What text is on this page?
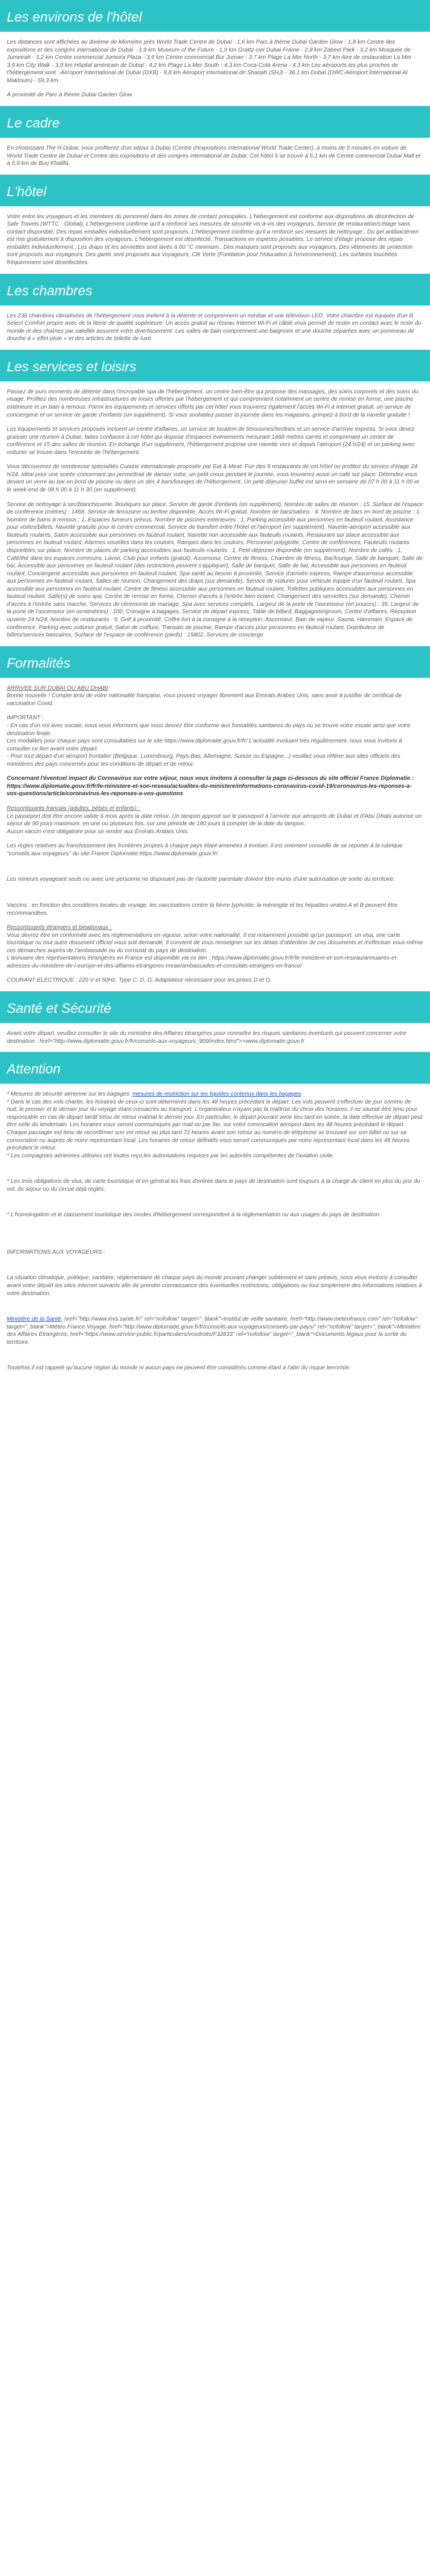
Les environs de l'hôtel

Les distances sont affichées au dixième de kilomètre près World Trade Centre de Dubaï - 1,6 km Parc à thème Dubai Garden Glow - 1,8 km Centre des expositions et des congrès international de Dubaï - 1,9 km Museum of the Future - 1,9 km Grattz-ciel Dubai Frame - 2,8 km Zabeel Park - 3,2 km Mosquée de Jumeirah - 3,2 km Centre commercial Jumeira Plaza - 3,6 km Centre commercial Bur Juman - 3,7 km Plage La Mer North - 3,7 km Aire de restauration La Mer - 3,9 km City Walk - 3,9 km Hôpital américain de Dubaï - 4,2 km Plage La Mer South - 4,3 km Coca-Cola Arena - 4,3 km Les aéroports les plus proches de l'hébergement sont : Aéroport International de Dubaï (DXB) - 9,8 km Aéroport international de Sharjah (SHJ) - 36,1 km Dubaï (DWC-Aéroport International Al Maktoum) - 59,3 km

À proximité de Parc à thème Dubai Garden Glow

Le cadre

En choisissant The H Dubai, vous profiterez d'un séjour à Dubaï (Centre d'expositions international World Trade Center), à moins de 5 minutes en voiture de World Trade Centre de Dubaï et Centre des expositions et des congrès international de Dubaï. Cet hôtel 5 se trouve à 5,1 km de Centre commercial Dubai Mall et à 5,9 km de Burj Khalifa.

L'hôtel

Votre entre les voyageurs et les membres du personnel dans les zones de contact principales, L'hébergement est conforme aux dispositions de désinfection de Safe Travels (WTTC - Global), L'hébergement confirme qu'il a renforcé ses mesures de sécurité vis-à-vis des voyageurs, Service de restauration/s'étage sans contact disponible, Des repas emballés individuellement sont proposés, L'hébergement confirme qu'il a renforcé ses mesures de nettoyage., Du gel antibactérien est mis gratuitement à disposition des voyageurs, L'hébergement est désinfecté, Transactions en espèces possibles, Le service d'étage propose des repas emballés individuellement., Les draps et les serviettes sont lavés à 60 °C minimum., Des masques sont proposés aux voyageurs, Des vêtements de protection sont proposés aux voyageurs, Des gants sont proposés aux voyageurs, Clé Verte (Fondation pour l'éducation à l'environnement), Les surfaces touchées fréquemment sont désinfectées.

Les chambres

Les 236 chambres climatisées de l'hébergement vous invitent à la détente et comprennent un minibar et une télévision LED. Votre chambre est équipée d'un lit Select Comfort propre avec de la literie de qualité supérieure. Un accès gratuit au réseau Internet Wi-Fi et câblé vous permet de rester en contact avec le reste du monde et des chaînes par satellite assurent votre divertissement. Les salles de bain comprennent une baignoire et une douche séparées avec un pommeau de douche à « effet pluie » et des articles de toilette de luxe.

Les services et loisirs

Passez de purs moments de détente dans l'incroyable spa de l'hébergement, un centre bien-être qui propose des massages, des soins corporels et des soins du visage. Profitez des nombreuses infrastructures de loisirs offertes par l'hébergement et qui comprennent notamment un centre de remise en forme, une piscine extérieure et un bain à remous. Parmi les équipements et services offerts par cet hôtel vous trouverez également l'accès Wi-Fi à Internet gratuit, un service de conciergerie et un service de garde d'enfants (un supplément). Si vous souhaitez passer la journée dans les magasins, grimpez à bord de la navette gratuite !

Les équipements et services proposés incluent un centre d'affaires, un service de location de limousines/berlines et un service d'arrivée express. Si vous devez graisser une réunion à Dubaï, faites confiance à cet hôtel qui dispose d'espaces événements mesurant 1468 mètres carrés et comprenant un centre de conférence et 15 des salles de réunion. En échange d'un supplément, l'hébergement propose une navette vers et depuis l'aéroport (24 h/24) et un parking avec voiturier se trouve dans l'enceinte de l'hébergement.

Vous découvrirez de nombreuse spécialités Cuisine internationale proposée par Eat & Meat. Fun des 9 restaurants de cet hôtel ou profitez du service d'étage 24 h/24. Idéal pour une soirée concernant qui permettrait de danser votre, un petit creux pendant le journée, vous trouverez aussi un café sur place. Détendez-vous devant un verre au bar en bord de piscine ou dans un des 4 bars/lounges de l'hébergement. Un petit déjeuner buffet est servi en semaine de 07 h 00 à 11 h 00 et le week-end de 08 h 00 à 11 h 30 (en supplément).

Service de nettoyage à sec/blanchisserie, Boutiques sur place, Service de garde d'enfants (en supplément), Nombre de salles de réunion : 15, Surface de l'espace de conférence (mètres) : 1468, Service de limousine ou berline disponible, Accès Wi-Fi gratuit, Nombre de bars/salons : 4, Nombre de bars en bord de piscine : 1, Nombre de bains à remous : 1, Espaces fumeurs prévus, Nombre de piscines extérieures : 1, Parking accessible aux personnes en fauteuil roulant, Assistance pour visites/billets, Navette gratuite pour le centre commercial, Service de transfert entre l'hôtel et l'aéroport (en supplément), Navette-aéroport accessible aux fauteuils roulants, Salon accessible aux personnes en fauteuil roulant, Navette non accessible aux fauteuils roulants, Restaurant sur place accessible aux personnes en fauteuil roulant, Alarmes visuelles dans les couloirs, Rampes dans les couloirs, Personnel polyglotte, Centre de conférences, Fauteuils roulants disponibles sur place, Nombre de places de parking accessibles aux fauteuils roulants : 1, Petit-déjeuner disponible (en supplément), Nombre de cafés : 1, Café/thé dans les espaces communs, Lavoir, Club pour enfants (gratuit), Ascenseur, Centre de fitness, Chambre de fitness, Bar/lounge, Salle de banquet, Salle de bal, Accessible aux personnes en fauteuil roulant (des restrictions peuvent s'appliquer), Salle de banquet, Salle de bal, Accessible aux personnes en fauteuil roulant, Conciergerie accessible aux personnes en fauteuil roulant, Spa santé au besoin à proximité, Service d'arrivée express, Rampe d'ascenseur accessible aux personnes en fauteuil roulant, Salles de réunion, Changement des draps (sur demande), Service de voiturier pour véhicule équipé d'un fauteuil roulant, Spa accessible aux personnes en fauteuil roulant, Centre de fitness accessible aux personnes en fauteuil roulant, Toilettes publiques accessibles aux personnes en fauteuil roulant, Salle(s) de soins spa, Centre de remise en forme, Chemin d'accès à l'entrée bien éclairé, Changement des serviettes (sur demande), Chemin d'accès à l'entrée sans marche, Services de cérémonie de mariage, Spa avec services complets, Largeur de la porte de l'ascenseur (en pouces) : 39, Largeur de la porte de l'ascenseur (en centimètres) : 100, Consigne à bagages, Service de départ express, Table de billard, Baggagiste/groom, Centre d'affaires, Réception ouverte 24 h/24, Nombre de restaurants : 9, Golf à proximité, Coffre-fort à la consigne à la réception, Ascenseur, Bain de vapeur, Sauna, Hammam, Espace de conférence, Parking avec voiturier gratuit, Salon de coiffure, Transats de piscine, Rampe d'accès pour personnes en fauteuil roulant, Distributeur de billets/services bancaires, Surface de l'espace de conférence (pieds) : 15802, Services de concierge

Formalités

ARRIVEE SUR DUBAI OU ABU DHABI
Bonne nouvelle ! Compte tenu de votre nationalité française, vous pouvez voyager librement aux Émirats Arabes Unis, sans avoir à justifier de certificat de vaccination Covid.

IMPORTANT :
- En cas d'un vol avec escale, nous vous informons que vous devrez être conforme aux formalités sanitaires du pays où se trouve votre escale ainsi que votre destination finale.
Les modalités pour chaque pays sont consultables sur le site https://www.diplomatie.gouv.fr/fr/ L'actualité évoluant très régulièrement, nous vous invitons à consulter ce lien avant votre départ.
- Pour tout départ d'un aéroport frontalier (Belgique, Luxembourg, Pays-Bas, Allemagne, Suisse ou Espagne...) veuillez vous référer aux sites officiels des ministères des pays concernés pour les conditions de départ et de retour.

Concernant l'éventuel impact du Coronavirus sur votre séjour, nous vous invitons à consulter la page ci-dessous du site officiel France Diplomatie : https://www.diplomatie.gouv.fr/fr/le-ministere-et-son-reseau/actualites-du-ministere/informations-coronavirus-covid-19/coronavirus-les-reponses-a-vos-questions/article/coronavirus-les-reponses-a-vos-questions

Ressortissants français (adultes, bébés et enfants) :
Le passeport doit être encore valide 6 mois après la date retour. Un tampon apposé sur le passeport à l'arrivée aux aéroports de Dubaï et d'Abu Dhabi autorise un séjour de 90 jours maximum, en une ou plusieurs fois, sur une période de 180 jours à compter de la date du tampon.
Aucun vaccin n'est obligatoire pour se rendre aux Émirats Arabes Unis.

Les règles relatives au franchissement des frontières propres à chaque pays étant amenées à évoluer, il est vivement conseillé de se reporter à la rubrique "conseils aux voyageurs" du site France Diplomatie:https://www.diplomatie.gouv.fr/.

Les mineurs voyageant seuls ou avec une personne ne disposant pas de l'autorité parentale doivent être munis d'une autorisation de sortie du territoire.

Vaccins : en fonction des conditions locales de voyage, les vaccinations contre la fièvre typhoïde, la méningite et les hépatites virales A et B peuvent être recommandées.

Ressortissants étrangers et binationaux :
Vous devrez être en conformité avec les réglementations en vigueur, selon votre nationalité. Il est notamment possible qu'un passeport, un visa, une carte touristique ou tout autre document officiel vous soit demandé. Il convient de vous renseigner sur les délais d'obtention de ces documents et d'effectuer vous-même ces démarches auprès de l'ambassade ou du consulat du pays de destination.
L'annuaire des représentations étrangères en France est disponible via ce lien : https://www.diplomatie.gouv.fr/fr/le-ministere-et-son-reseau/annuaires-et-adresses-du-ministere-de-l-europe-et-des-affaires-etrangeres-meae/ambassades-et-consulats-etrangers-en-france/

COURANT ELECTRIQUE : 220 V et 50Hz. Type C, D, G. Adaptateur nécessaire pour les prises D et G.

Santé et Sécurité

Avant votre départ, veuillez consulter le site du ministère des Affaires étrangères pour connaître les risques sanitaires éventuels qui peuvent concerner votre destination : href="http://www.diplomatie.gouv.fr/fr/conseils-aux-voyageurs_909/index.html">>www.diplomatie.gouv.fr

Attention

* Mesures de sécurité aérienne sur les bagages: mesures de restriction sur les liquides contenus dans les bagages
* Dans le cas des vols charter, les horaires de ceux-ci sont déterminés dans les 48 heures précédant le départ. Les vols peuvent s'effectuer de jour comme de nuit, le premier et le dernier jour du voyage étant consacrés au transport. L'organisateur n'ayant pas la maîtrise du choix des horaires, il ne saurait être tenu pour responsable en cas de départ tardif et/ou de retour matinal le dernier jour. En particulier, le départ pouvant avoir lieu tard en soirée, la date effective de départ peut être celle du lendemain. Les horaires vous seront communiqués par mail ou par fax, sur votre convocation aéroport dans les 48 heures précédant le départ. Chaque passager est tenu de reconfirmer son vol retour au plus tard 72 heures avant son retour au numéro de téléphone se trouvant sur son billet ou sur sa convocation ou auprès de notre représentant local. Les horaires de retour définitifs vous seront communiqués par notre représentant local dans les 48 heures précédant le retour.
* Les compagnies aériennes utilisées ont toutes reçu les autorisations requises par les autorités compétentes de l'aviation civile.

* Les trois obligations de visa, de carte touristique et en général les frais d'entrée dans le pays de destination sont toujours à la charge du client en plus du prix du vol, du séjour ou du circuit déjà réglés.

* L'homologation et le classement touristique des modes d'hébergement correspondent à la réglementation ou aux usages du pays de destination.

INFORMATIONS AUX VOYAGEURS :

La situation climatique, politique, sanitaire, réglementaire de chaque pays du monde pouvant changer subitement et sans préavis, nous vous invitons à consulter avant votre départ les sites Internet suivants afin de prendre connaissance des éventuelles restrictions, obligations ou tout simplement des informations relatives à votre destination.

Ministère de la Santé, href="http://www.invs.sante.fr/" rel="nofollow" target="_blank">Institut de veille sanitaire, href="http://www.meteofrance.com" rel="nofollow" target="_blank">Météo France Voyage, href="http://www.diplomatie.gouv.fr/fr/conseils-aux-voyageurs/conseils-par-pays/" rel="nofollow" target="_blank">Ministère des Affaires Étrangères, href="https://www.service-public.fr/particuliers/vosdroits/F32833" rel="nofollow" target="_blank">Documents légaux pour la sortie du territoire.

Toutefois il est rappelé qu'aucune région du monde ni aucun pays ne peuvent être considérés comme étant à l'abri du risque terroriste.
